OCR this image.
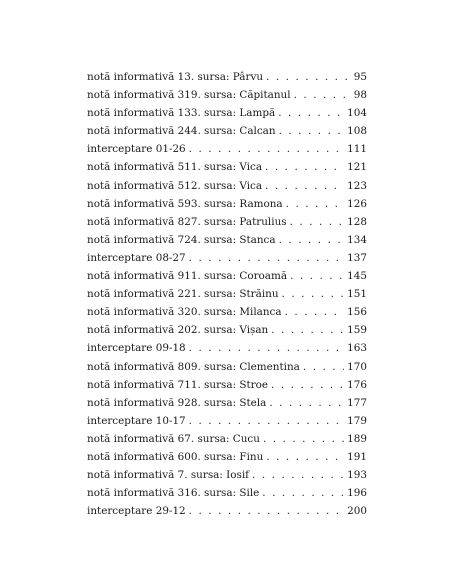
notă informativă 13. sursa: Pârvu . . .	95
notă informativă 319. sursa: Căpitanul . . .	98
notă informativă 133. sursa: Lampă . . .	104
notă informativă 244. sursa: Calcan . . .	108
interceptare 01-26 . . .	111
notă informativă 511. sursa: Vica . . .	121
notă informativă 512. sursa: Vica . . .	123
notă informativă 593. sursa: Ramona . . .	126
notă informativă 827. sursa: Patrulius . . .	128
notă informativă 724. sursa: Stanca . . .	134
interceptare 08-27 . . .	137
notă informativă 911. sursa: Coroamă . . .	145
notă informativă 221. sursa: Străinu . . .	151
notă informativă 320. sursa: Milanca . . .	156
notă informativă 202. sursa: Vișan . . .	159
interceptare 09-18 . . .	163
notă informativă 809. sursa: Clementina . . .	170
notă informativă 711. sursa: Stroe . . .	176
notă informativă 928. sursa: Stela . . .	177
interceptare 10-17 . . .	179
notă informativă 67. sursa: Cucu . . .	189
notă informativă 600. sursa: Finu . . .	191
notă informativă 7. sursa: Iosif . . .	193
notă informativă 316. sursa: Sile . . .	196
interceptare 29-12 . . .	200
